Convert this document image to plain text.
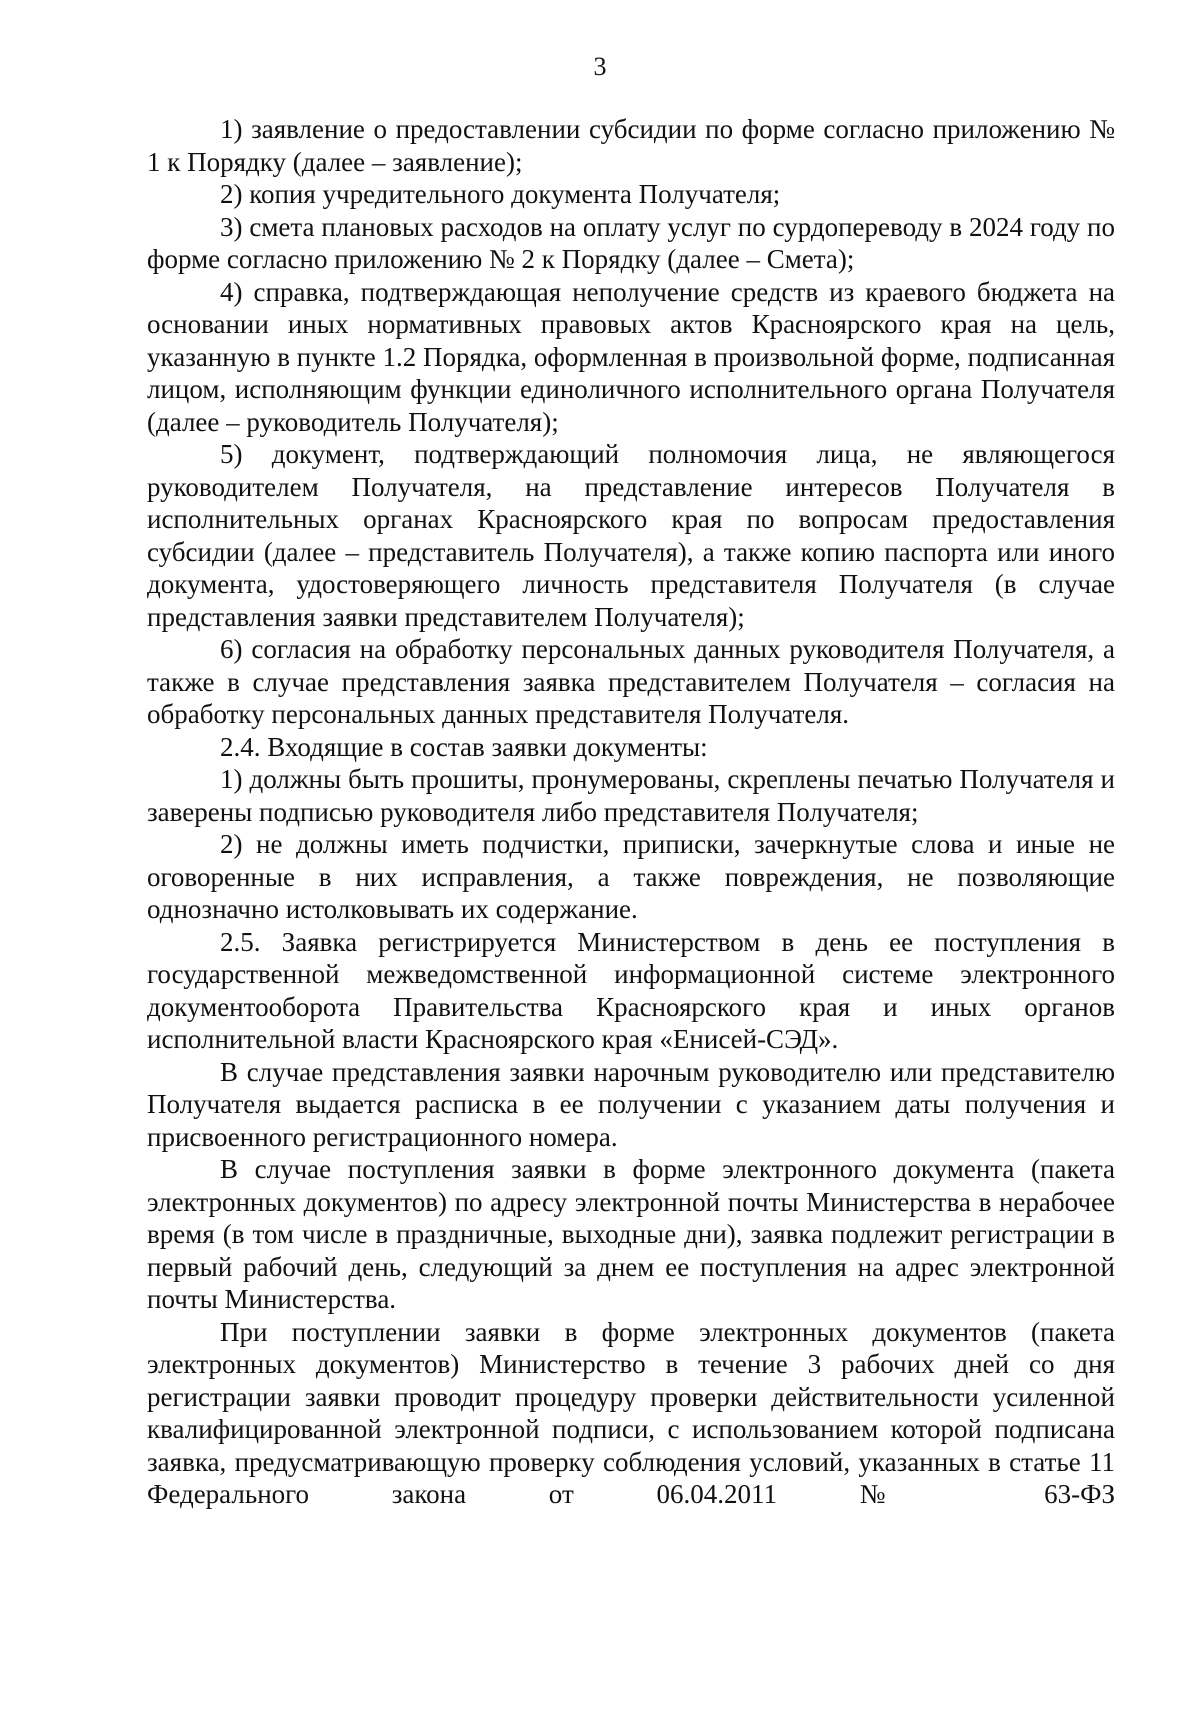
3

1) заявление о предоставлении субсидии по форме согласно приложению № 1 к Порядку (далее – заявление);

2) копия учредительного документа Получателя;

3) смета плановых расходов на оплату услуг по сурдопереводу в 2024 году по форме согласно приложению № 2 к Порядку (далее – Смета);

4) справка, подтверждающая неполучение средств из краевого бюджета на основании иных нормативных правовых актов Красноярского края на цель, указанную в пункте 1.2 Порядка, оформленная в произвольной форме, подписанная лицом, исполняющим функции единоличного исполнительного органа Получателя (далее – руководитель Получателя);

5) документ, подтверждающий полномочия лица, не являющегося руководителем Получателя, на представление интересов Получателя в исполнительных органах Красноярского края по вопросам предоставления субсидии (далее – представитель Получателя), а также копию паспорта или иного документа, удостоверяющего личность представителя Получателя (в случае представления заявки представителем Получателя);

6) согласия на обработку персональных данных руководителя Получателя, а также в случае представления заявка представителем Получателя – согласия на обработку персональных данных представителя Получателя.

2.4. Входящие в состав заявки документы:

1) должны быть прошиты, пронумерованы, скреплены печатью Получателя и заверены подписью руководителя либо представителя Получателя;

2) не должны иметь подчистки, приписки, зачеркнутые слова и иные не оговоренные в них исправления, а также повреждения, не позволяющие однозначно истолковывать их содержание.

2.5. Заявка регистрируется Министерством в день ее поступления в государственной межведомственной информационной системе электронного документооборота Правительства Красноярского края и иных органов исполнительной власти Красноярского края «Енисей-СЭД».

В случае представления заявки нарочным руководителю или представителю Получателя выдается расписка в ее получении с указанием даты получения и присвоенного регистрационного номера.

В случае поступления заявки в форме электронного документа (пакета электронных документов) по адресу электронной почты Министерства в нерабочее время (в том числе в праздничные, выходные дни), заявка подлежит регистрации в первый рабочий день, следующий за днем ее поступления на адрес электронной почты Министерства.

При поступлении заявки в форме электронных документов (пакета электронных документов) Министерство в течение 3 рабочих дней со дня регистрации заявки проводит процедуру проверки действительности усиленной квалифицированной электронной подписи, с использованием которой подписана заявка, предусматривающую проверку соблюдения условий, указанных в статье 11 Федерального закона от 06.04.2011 № 63-ФЗ
